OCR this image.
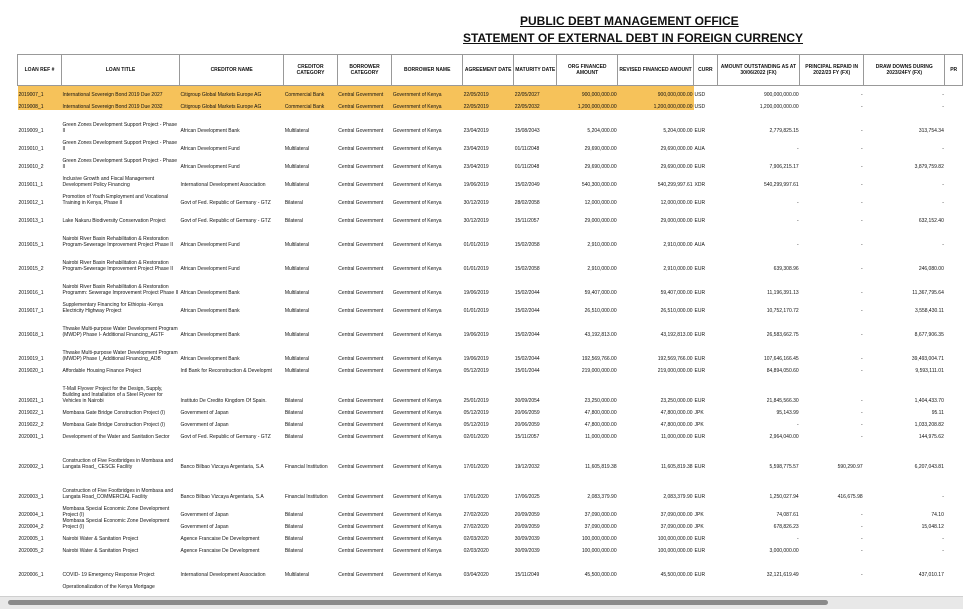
PUBLIC DEBT MANAGEMENT OFFICE
STATEMENT OF EXTERNAL DEBT IN FOREIGN CURRENCY
LOAN REF #	LOAN TITLE	CREDITOR NAME	CREDITOR CATEGORY	BORROWER CATEGORY	BORROWER NAME	AGREEMENT DATE	MATURITY DATE	ORG FINANCED AMOUNT	REVISED FINANCED AMOUNT	CURR	AMOUNT OUTSTANDING AS AT 30/06/2022 (FX)	PRINCIPAL REPAID IN 2022/23 FY (FX)	DRAW DOWNS DURING 2023/24FY (FX)	PR
2019007_1	International Sovereign Bond 2019 Due 2027	Citigroup Global Markets Europe AG	Commercial Bank	Central Government	Government of Kenya	22/05/2019	22/05/2027	900,000,000.00	900,000,000.00	USD	900,000,000.00	-	-	
2019008_1	International Sovereign Bond 2019 Due 2032	Citigroup Global Markets Europe AG	Commercial Bank	Central Government	Government of Kenya	22/05/2019	22/05/2032	1,200,000,000.00	1,200,000,000.00	USD	1,200,000,000.00	-	-	

2019009_1	Green Zones Development Support Project - Phase II	African Development Bank	Multilateral	Central Government	Government of Kenya	23/04/2019	15/08/2043	5,204,000.00	5,204,000.00	EUR	2,779,825.15	-	313,754.34	
2019010_1	Green Zones Development Support Project - Phase II	African Development Fund	Multilateral	Central Government	Government of Kenya	23/04/2019	01/11/2048	29,690,000.00	29,690,000.00	AUA	-	-	-	
2019010_2	Green Zones Development Support Project - Phase II	African Development Fund	Multilateral	Central Government	Government of Kenya	23/04/2019	01/11/2048	29,690,000.00	29,690,000.00	EUR	7,906,215.17	-	3,879,759.82	
2019011_1	Inclusive Growth and Fiscal Management Development Policy Financing	International Development Association	Multilateral	Central Government	Government of Kenya	19/06/2019	15/02/2049	540,300,000.00	540,299,997.61	XDR	540,299,997.61	-	-	
2019012_1	Promotion of Youth Employment and Vocational Training in Kenya, Phase II	Govt of Fed. Republic of Germany - GTZ	Bilateral	Central Government	Government of Kenya	30/12/2019	28/02/2058	12,000,000.00	12,000,000.00	EUR	-	-	-	
2019013_1	Lake Nakuru Biodiversity Conservation Project	Govt of Fed. Republic of Germany - GTZ	Bilateral	Central Government	Government of Kenya	30/12/2019	15/11/2057	29,000,000.00	29,000,000.00	EUR	-	-	632,152.40	
2019015_1	Nairobi River Basin Rehabilitation & Restoration Program-Sewerage Improvement Project Phase II	African Development Fund	Multilateral	Central Government	Government of Kenya	01/01/2019	15/02/2058	2,910,000.00	2,910,000.00	AUA	-	-	-	
2019015_2	Nairobi River Basin Rehabilitation & Restoration Program-Sewerage Improvement Project Phase II	African Development Fund	Multilateral	Central Government	Government of Kenya	01/01/2019	15/02/2058	2,910,000.00	2,910,000.00	EUR	639,308.96	-	246,080.00	
2019016_1	Nairobi River Basin Rehabilitation & Restoration Programm: Sewerage Improvement Project Phase II	African Development Bank	Multilateral	Central Government	Government of Kenya	19/06/2019	15/02/2044	59,407,000.00	59,407,000.00	EUR	11,196,391.13	-	11,367,795.64	
2019017_1	Supplementary Financing for Ethiopia -Kenya Electricity Highway Project	African Development Bank	Multilateral	Central Government	Government of Kenya	01/01/2019	15/02/2044	26,510,000.00	26,510,000.00	EUR	10,752,170.72	-	3,558,430.11	
2019018_1	Thwake Multi-purpose Water Development Program (MWDP) Phase I- Additional Financing_AGTF	African Development Bank	Multilateral	Central Government	Government of Kenya	19/06/2019	15/02/2044	43,192,813.00	43,192,813.00	EUR	26,583,662.75	-	8,677,906.35	
2019019_1	Thwake Multi-purpose Water Development Program (MWDP) Phase I_Additional Financing_ADB	African Development Bank	Multilateral	Central Government	Government of Kenya	19/06/2019	15/02/2044	192,569,766.00	192,569,766.00	EUR	107,646,166.45	-	39,493,004.71	
2019020_1	Affordable Housing Finance Project	Intl Bank for Reconstruction & Developmt	Multilateral	Central Government	Government of Kenya	05/12/2019	15/01/2044	219,000,000.00	219,000,000.00	EUR	84,894,050.60	-	9,593,111.01	
2019021_1	T-Mall Flyover Project for the Design, Supply, Building and Installation of a Steel Flyover for Vehicles in Nairobi	Instituto De Credito Kingdom Of Spain.	Bilateral	Central Government	Government of Kenya	25/01/2019	30/09/2054	23,250,000.00	23,250,000.00	EUR	21,845,566.30	-	1,404,433.70	
2019022_1	Mombasa Gate Bridge Construction Project (I)	Government of Japan	Bilateral	Central Government	Government of Kenya	05/12/2019	20/06/2059	47,800,000.00	47,800,000.00	JPK	95,143.99	-	95.11	
2019022_2	Mombasa Gate Bridge Construction Project (I)	Government of Japan	Bilateral	Central Government	Government of Kenya	05/12/2019	20/06/2059	47,800,000.00	47,800,000.00	JPK	-	-	1,033,208.82	
2020001_1	Development of the Water and Sanitation Sector	Govt of Fed. Republic of Germany - GTZ	Bilateral	Central Government	Government of Kenya	02/01/2020	15/11/2057	11,000,000.00	11,000,000.00	EUR	2,964,040.00	-	144,975.62	
2020002_1	Construction of Five Footbridges in Mombasa and Langata Road_ CESCE Facility	Banco Bilbao Vizcaya Argentaria, S.A	Financial Institution	Central Government	Government of Kenya	17/01/2020	19/12/2032	11,605,819.38	11,605,819.38	EUR	5,598,775.57	590,290.97	6,207,043.81	
2020003_1	Construction of Five Footbridges in Mombasa and Langata Road_COMMERCIAL Facility	Banco Bilbao Vizcaya Argentaria, S.A	Financial Institution	Central Government	Government of Kenya	17/01/2020	17/06/2025	2,083,379.90	2,083,379.90	EUR	1,250,027.94	416,675.98	-	
2020004_1	Mombasa Special Economic Zone Development Project (I)	Government of Japan	Bilateral	Central Government	Government of Kenya	27/02/2020	20/09/2059	37,090,000.00	37,090,000.00	JPK	74,087.61	-	74.10	
2020004_2	Mombasa Special Economic Zone Development Project (I)	Government of Japan	Bilateral	Central Government	Government of Kenya	27/02/2020	20/09/2059	37,090,000.00	37,090,000.00	JPK	678,826.23	-	15,048.12	
2020005_1	Nairobi Water & Sanitation Project	Agence Francaise De Development	Bilateral	Central Government	Government of Kenya	02/03/2020	30/09/2039	100,000,000.00	100,000,000.00	EUR	-	-	-	
2020005_2	Nairobi Water & Sanitation Project	Agence Francaise De Development	Bilateral	Central Government	Government of Kenya	02/03/2020	30/09/2039	100,000,000.00	100,000,000.00	EUR	3,000,000.00	-	-	

2020006_1	COVID- 19 Emergency Response Project	International Development Association	Multilateral	Central Government	Government of Kenya	03/04/2020	15/11/2049	45,500,000.00	45,500,000.00	EUR	32,121,619.49	-	437,010.17	
	Operationalization of the Kenya Mortgage													
